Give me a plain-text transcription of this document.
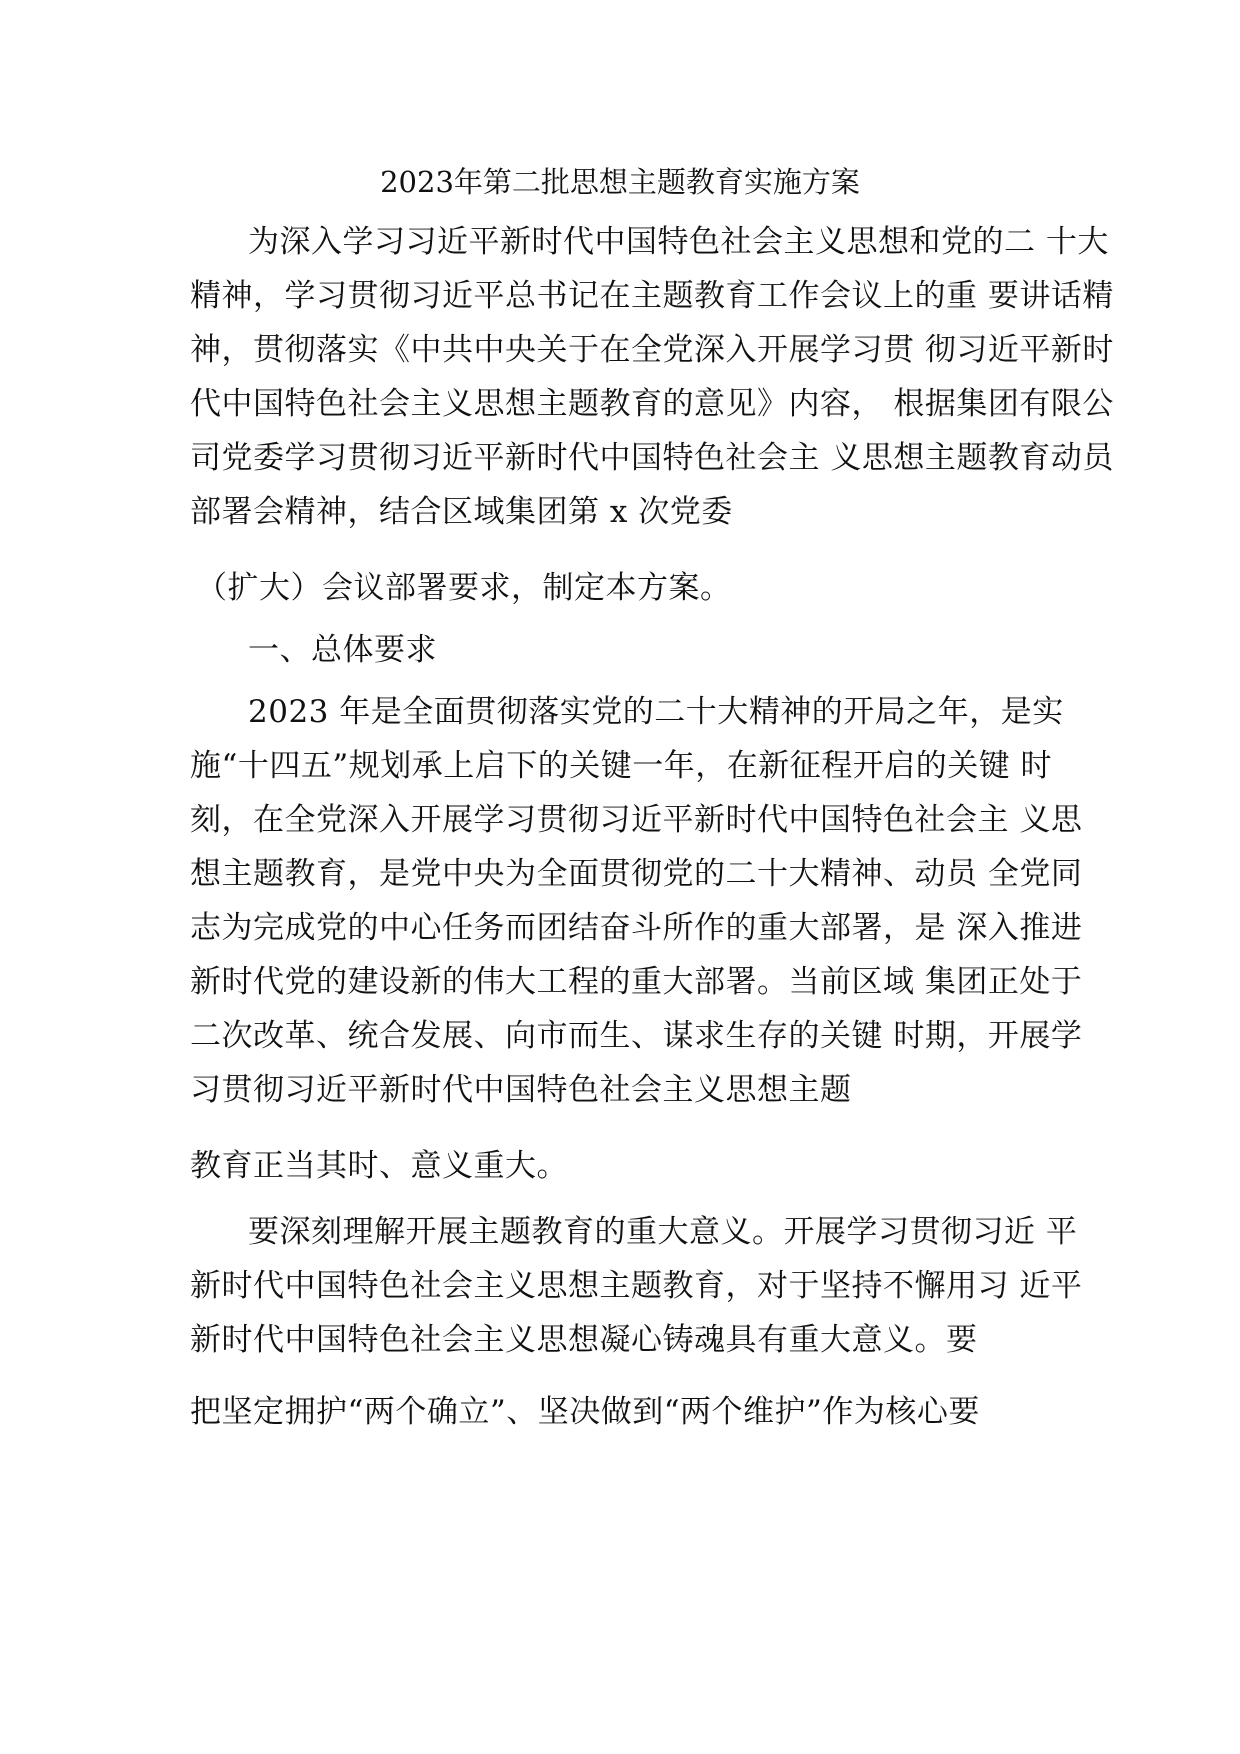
2023年第二批思想主题教育实施方案
为深入学习习近平新时代中国特色社会主义思想和党的二 十大
精神，学习贯彻习近平总书记在主题教育工作会议上的重 要讲话精
神，贯彻落实《中共中央关于在全党深入开展学习贯 彻习近平新时
代中国特色社会主义思想主题教育的意见》内容， 根据集团有限公
司党委学习贯彻习近平新时代中国特色社会主 义思想主题教育动员
部署会精神，结合区域集团第 x 次党委
（扩大）会议部署要求，制定本方案。
一、总体要求
2023 年是全面贯彻落实党的二十大精神的开局之年，是实
施“十四五”规划承上启下的关键一年，在新征程开启的关键 时
刻，在全党深入开展学习贯彻习近平新时代中国特色社会主 义思
想主题教育，是党中央为全面贯彻党的二十大精神、动员 全党同
志为完成党的中心任务而团结奋斗所作的重大部署，是 深入推进
新时代党的建设新的伟大工程的重大部署。当前区域 集团正处于
二次改革、统合发展、向市而生、谋求生存的关键 时期，开展学
习贯彻习近平新时代中国特色社会主义思想主题
教育正当其时、意义重大。
要深刻理解开展主题教育的重大意义。开展学习贯彻习近 平
新时代中国特色社会主义思想主题教育，对于坚持不懈用习 近平
新时代中国特色社会主义思想凝心铸魂具有重大意义。要
把坚定拥护“两个确立”、坚决做到“两个维护”作为核心要
